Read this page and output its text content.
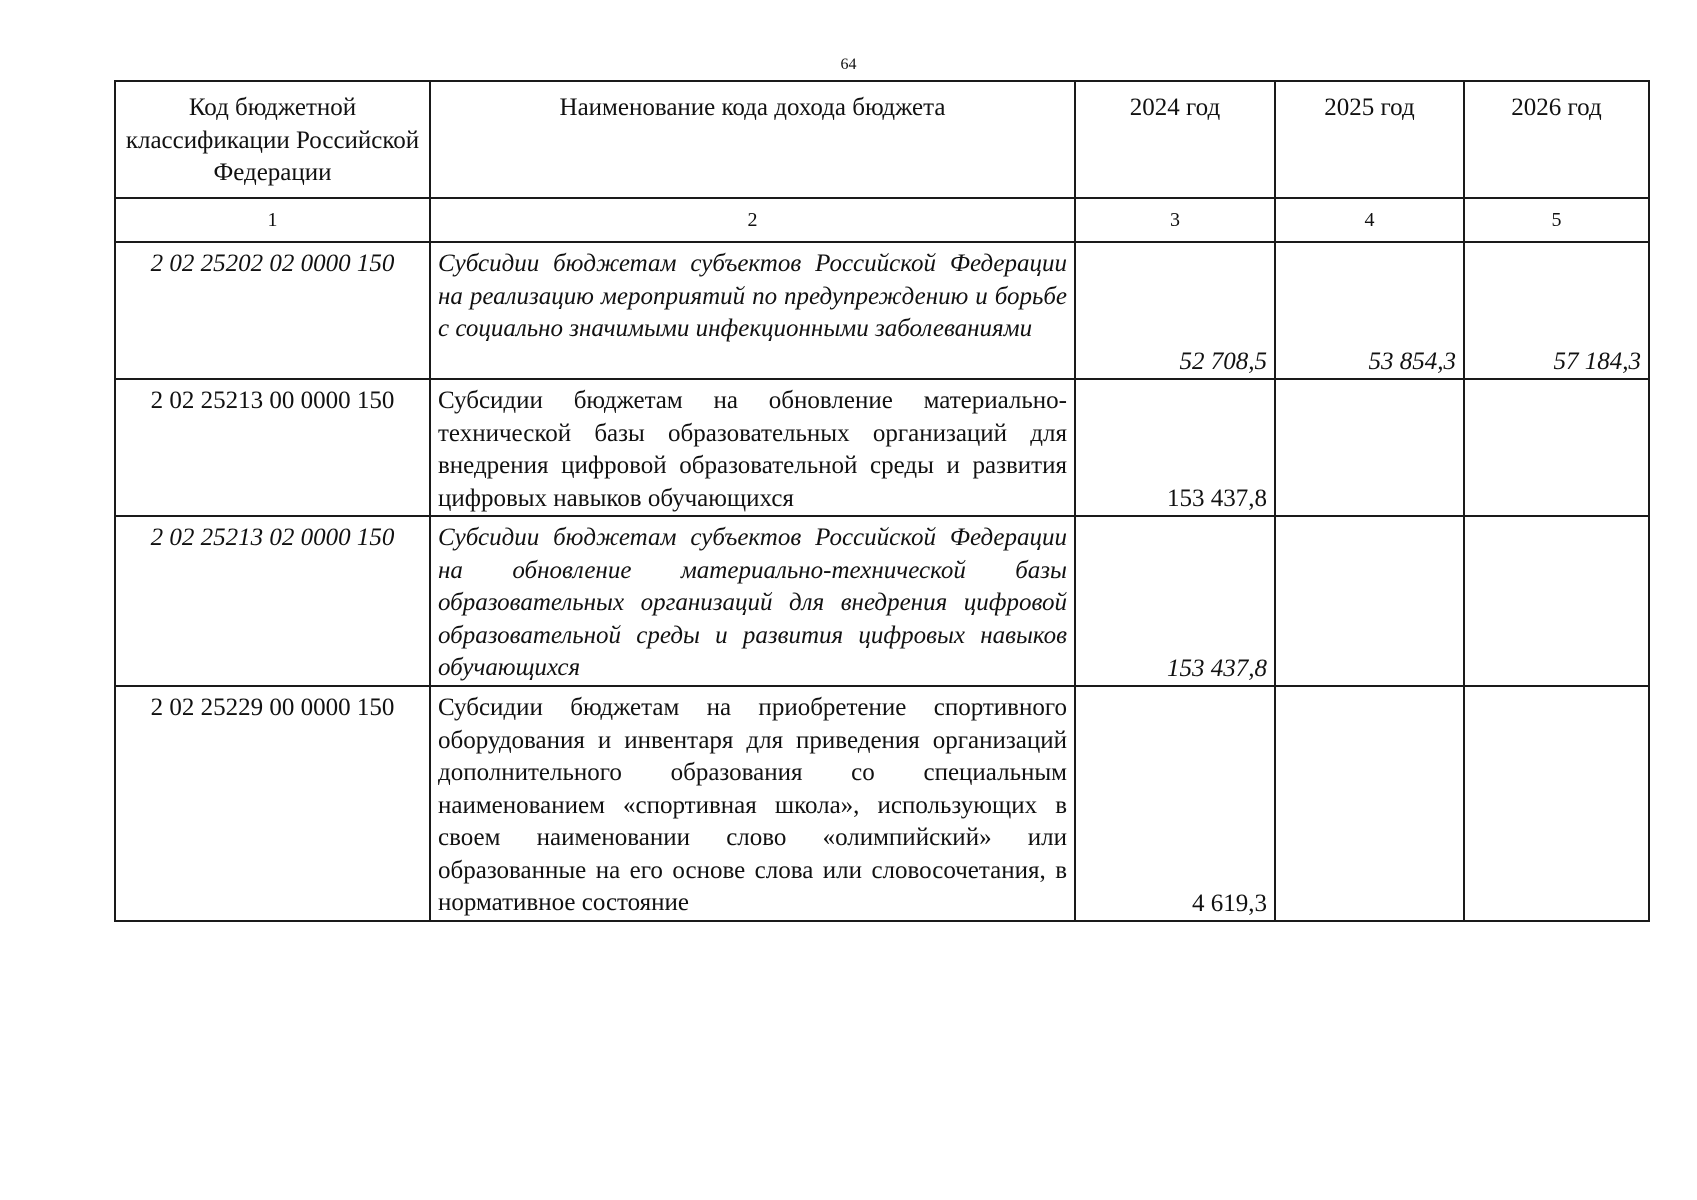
64
Код бюджетной классификации Российской Федерации	Наименование кода дохода бюджета	2024 год	2025 год	2026 год
1	2	3	4	5
2 02 25202 02 0000 150	Субсидии бюджетам субъектов Российской Федерации на реализацию мероприятий по предупреждению и борьбе с социально значимыми инфекционными заболеваниями	52 708,5	53 854,3	57 184,3
2 02 25213 00 0000 150	Субсидии бюджетам на обновление материально-технической базы образовательных организаций для внедрения цифровой образовательной среды и развития цифровых навыков обучающихся	153 437,8		
2 02 25213 02 0000 150	Субсидии бюджетам субъектов Российской Федерации на обновление материально-технической базы образовательных организаций для внедрения цифровой образовательной среды и развития цифровых навыков обучающихся	153 437,8		
2 02 25229 00 0000 150	Субсидии бюджетам на приобретение спортивного оборудования и инвентаря для приведения организаций дополнительного образования со специальным наименованием «спортивная школа», использующих в своем наименовании слово «олимпийский» или образованные на его основе слова или словосочетания, в нормативное состояние	4 619,3		
